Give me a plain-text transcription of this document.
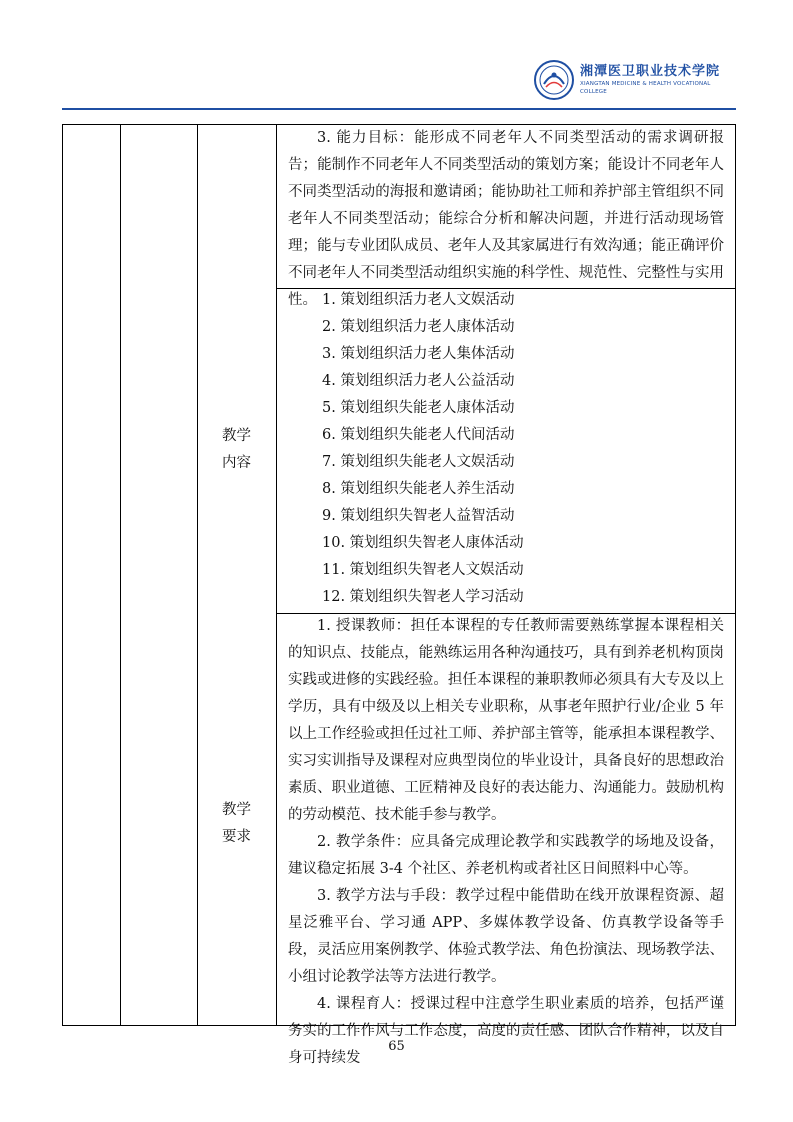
湘潭医卫职业技术学院
XIANGTAN MEDICINE & HEALTH VOCATIONAL COLLEGE

3. 能力目标：能形成不同老年人不同类型活动的需求调研报告；能制作不同老年人不同类型活动的策划方案；能设计不同老年人不同类型活动的海报和邀请函；能协助社工师和养护部主管组织不同老年人不同类型活动；能综合分析和解决问题，并进行活动现场管理；能与专业团队成员、老年人及其家属进行有效沟通；能正确评价不同老年人不同类型活动组织实施的科学性、规范性、完整性与实用性。

教学
内容

1. 策划组织活力老人文娱活动

2. 策划组织活力老人康体活动

3. 策划组织活力老人集体活动

4. 策划组织活力老人公益活动

5. 策划组织失能老人康体活动

6. 策划组织失能老人代间活动

7. 策划组织失能老人文娱活动

8. 策划组织失能老人养生活动

9. 策划组织失智老人益智活动

10. 策划组织失智老人康体活动

11. 策划组织失智老人文娱活动

12. 策划组织失智老人学习活动

教学
要求

1. 授课教师：担任本课程的专任教师需要熟练掌握本课程相关的知识点、技能点，能熟练运用各种沟通技巧，具有到养老机构顶岗实践或进修的实践经验。担任本课程的兼职教师必须具有大专及以上学历，具有中级及以上相关专业职称，从事老年照护行业/企业 5 年以上工作经验或担任过社工师、养护部主管等，能承担本课程教学、实习实训指导及课程对应典型岗位的毕业设计，具备良好的思想政治素质、职业道德、工匠精神及良好的表达能力、沟通能力。鼓励机构的劳动模范、技术能手参与教学。

2. 教学条件：应具备完成理论教学和实践教学的场地及设备，建议稳定拓展 3-4 个社区、养老机构或者社区日间照料中心等。

3. 教学方法与手段：教学过程中能借助在线开放课程资源、超星泛雅平台、学习通 APP、多媒体教学设备、仿真教学设备等手段，灵活应用案例教学、体验式教学法、角色扮演法、现场教学法、小组讨论教学法等方法进行教学。

4. 课程育人：授课过程中注意学生职业素质的培养，包括严谨务实的工作作风与工作态度，高度的责任感、团队合作精神，以及自身可持续发

65
